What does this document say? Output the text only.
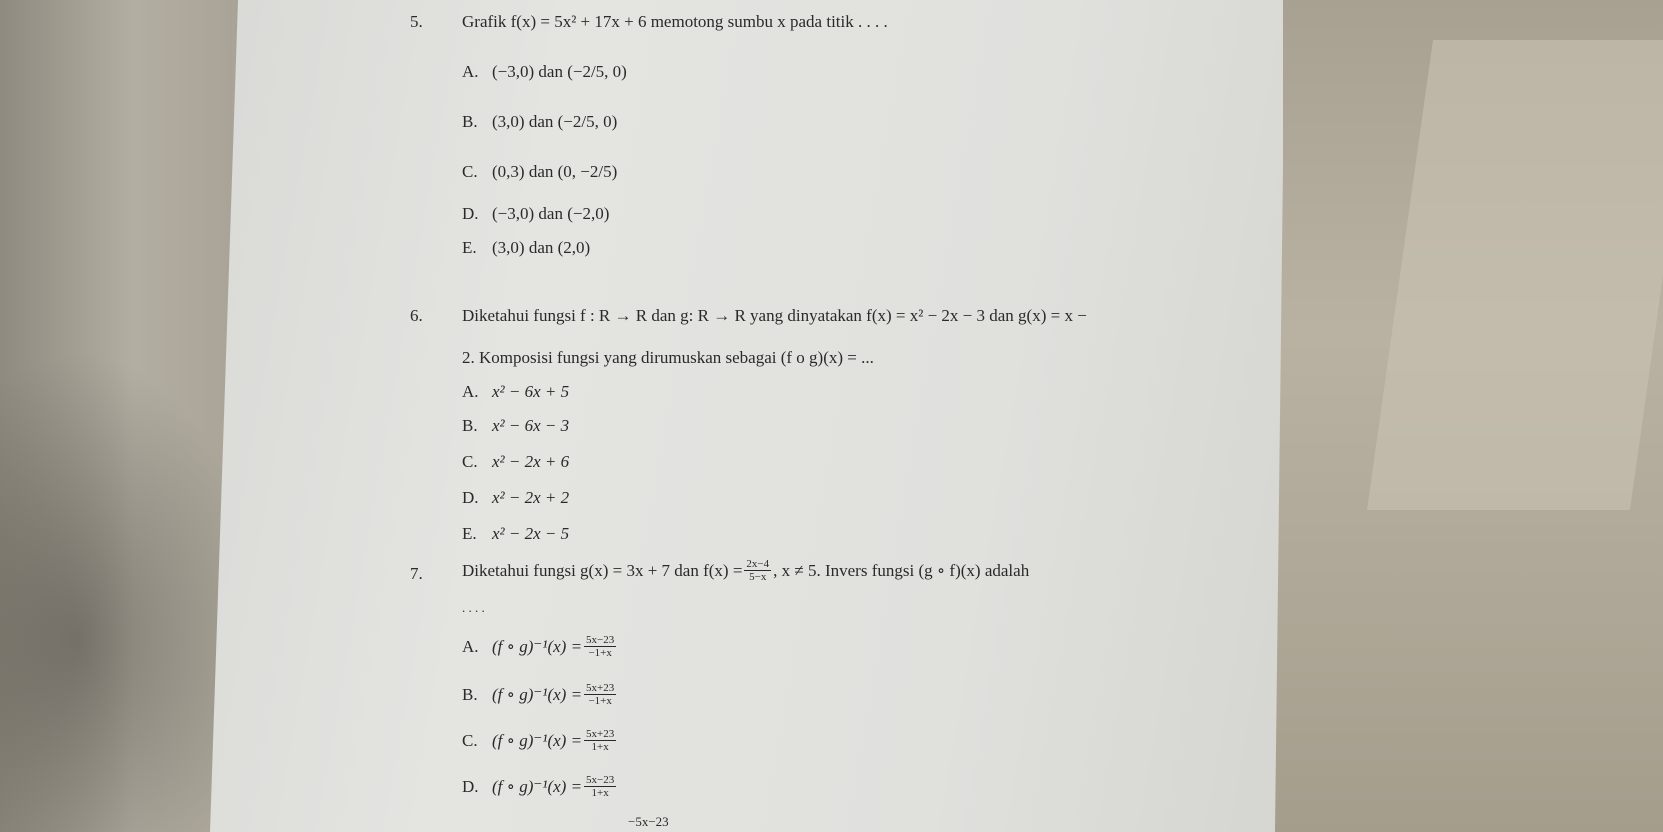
5. Grafik f(x) = 5x² + 17x + 6 memotong sumbu x pada titik . . . .
A. (−3,0) dan (−2/5, 0)
B. (3,0) dan (−2/5, 0)
C. (0,3) dan (0, −2/5)
D. (−3,0) dan (−2,0)
E. (3,0) dan (2,0)
6. Diketahui fungsi f : R → R dan g: R → R yang dinyatakan f(x) = x² − 2x − 3 dan g(x) = x −
2. Komposisi fungsi yang dirumuskan sebagai (f o g)(x) = ...
A. x² − 6x + 5
B. x² − 6x − 3
C. x² − 2x + 6
D. x² − 2x + 2
E. x² − 2x − 5
7. Diketahui fungsi g(x) = 3x + 7 dan $f(x) = \frac{2x-4}{5-x}$ , x ≠ 5. Invers fungsi (g ∘ f)(x) adalah
. . . .
A. (f ∘ $g)^{-1}(x) = \frac{5x-23}{-1+x}$
B. (f ∘ $g)^{-1}(x) = \frac{5x+23}{-1+x}$
C. (f ∘ $g)^{-1}(x) = \frac{5x+23}{1+x}$
D. (f ∘ $g)^{-1}(x) = \frac{5x-23}{1+x}$
−5x−23
